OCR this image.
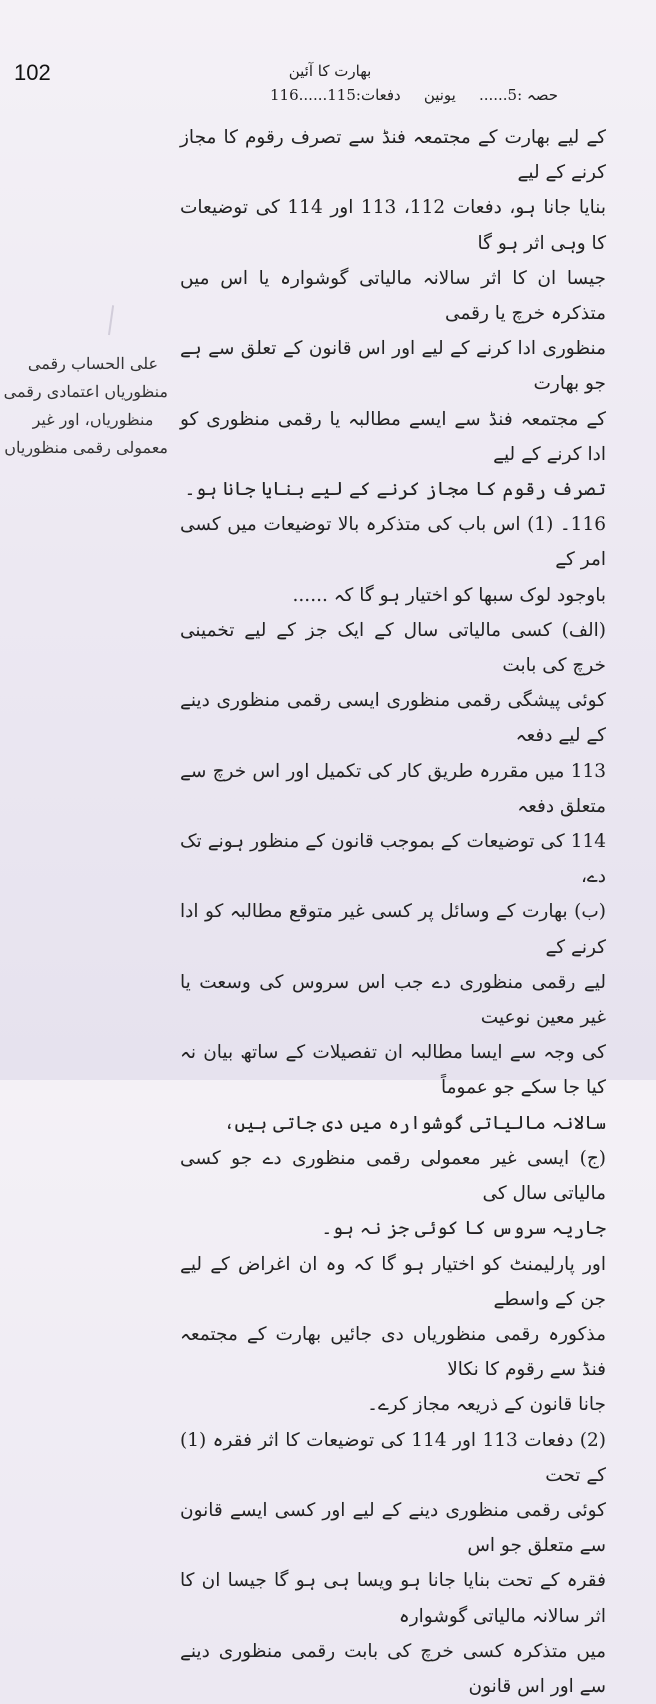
102	بھارت کا آئین
حصہ :5......
یونین
دفعات:115......116
علی الحساب رقمی
منظوریاں اعتمادی رقمی
منظوریاں، اور غیر
معمولی رقمی منظوریاں

کے لیے بھارت کے مجتمعہ فنڈ سے تصرف رقوم کا مجاز کرنے کے لیے

بنایا جانا ہو، دفعات 112، 113 اور 114 کی توضیعات کا وہی اثر ہو گا

جیسا ان کا اثر سالانہ مالیاتی گوشوارہ یا اس میں متذکرہ خرچ یا رقمی

منظوری ادا کرنے کے لیے اور اس قانون کے تعلق سے ہے جو بھارت

کے مجتمعہ فنڈ سے ایسے مطالبہ یا رقمی منظوری کو ادا کرنے کے لیے

تصرف رقوم کا مجاز کرنے کے لیے بنایا جانا ہو۔

116۔ (1) اس باب کی متذکرہ بالا توضیعات میں کسی امر کے

باوجود لوک سبھا کو اختیار ہو گا کہ ......

(الف) کسی مالیاتی سال کے ایک جز کے لیے تخمینی خرچ کی بابت

کوئی پیشگی رقمی منظوری ایسی رقمی منظوری دینے کے لیے دفعہ

113 میں مقررہ طریق کار کی تکمیل اور اس خرچ سے متعلق دفعہ

114 کی توضیعات کے بموجب قانون کے منظور ہونے تک دے،

(ب) بھارت کے وسائل پر کسی غیر متوقع مطالبہ کو ادا کرنے کے

لیے رقمی منظوری دے جب اس سروس کی وسعت یا غیر معین نوعیت

کی وجہ سے ایسا مطالبہ ان تفصیلات کے ساتھ بیان نہ کیا جا سکے جو عموماً

سالانہ مالیاتی گوشوارہ میں دی جاتی ہیں،

(ج) ایسی غیر معمولی رقمی منظوری دے جو کسی مالیاتی سال کی

جاریہ سروس کا کوئی جز نہ ہو۔

اور پارلیمنٹ کو اختیار ہو گا کہ وہ ان اغراض کے لیے جن کے واسطے

مذکورہ رقمی منظوریاں دی جائیں بھارت کے مجتمعہ فنڈ سے رقوم کا نکالا

جانا قانون کے ذریعہ مجاز کرے۔

(2) دفعات 113 اور 114 کی توضیعات کا اثر فقرہ (1) کے تحت

کوئی رقمی منظوری دینے کے لیے اور کسی ایسے قانون سے متعلق جو اس

فقرہ کے تحت بنایا جانا ہو ویسا ہی ہو گا جیسا ان کا اثر سالانہ مالیاتی گوشوارہ

میں متذکرہ کسی خرچ کی بابت رقمی منظوری دینے سے اور اس قانون
